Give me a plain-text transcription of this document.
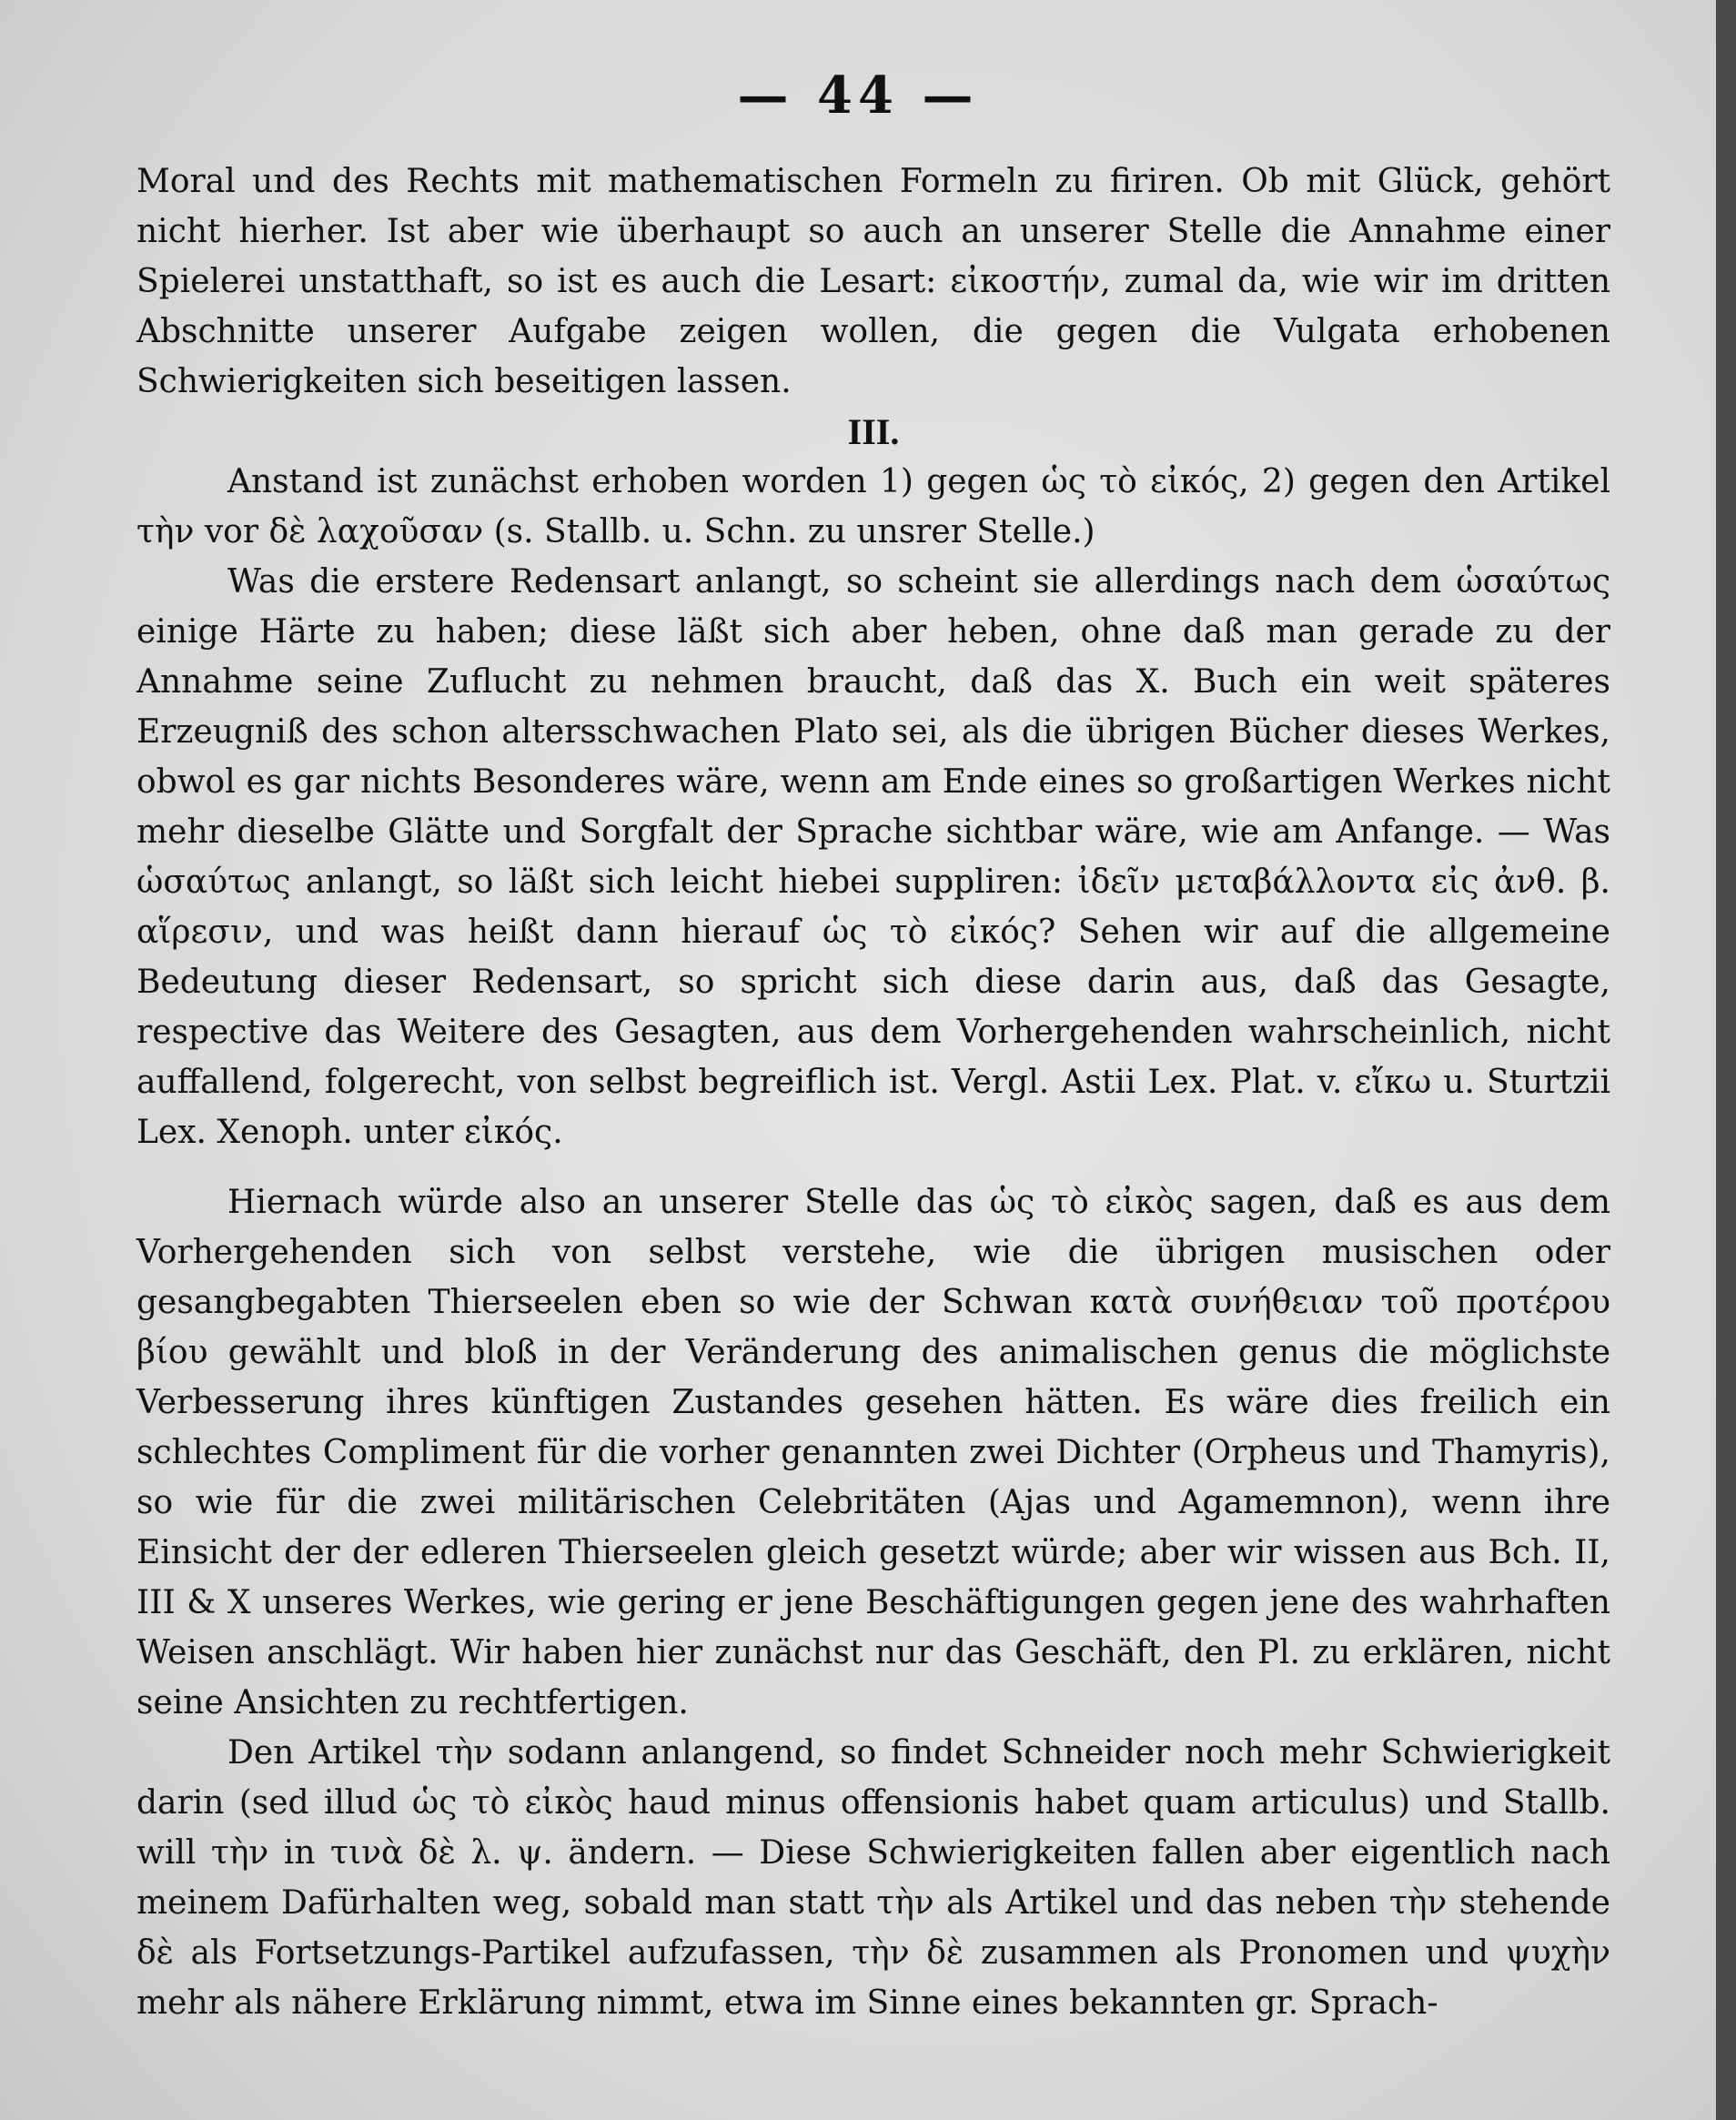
— 44 —

Moral und des Rechts mit mathematischen Formeln zu firiren. Ob mit Glück, gehört nicht hierher. Ist aber wie überhaupt so auch an unserer Stelle die Annahme einer Spielerei unstatthaft, so ist es auch die Lesart: εἰκοστήν, zumal da, wie wir im dritten Abschnitte unserer Aufgabe zeigen wollen, die gegen die Vulgata erhobenen Schwierigkeiten sich beseitigen lassen.

III.

Anstand ist zunächst erhoben worden 1) gegen ὡς τὸ εἰκός, 2) gegen den Artikel τὴν vor δὲ λαχοῦσαν (s. Stallb. u. Schn. zu unsrer Stelle.)

Was die erstere Redensart anlangt, so scheint sie allerdings nach dem ὡσαύτως einige Härte zu haben; diese läßt sich aber heben, ohne daß man gerade zu der Annahme seine Zuflucht zu nehmen braucht, daß das X. Buch ein weit späteres Erzeugniß des schon altersschwachen Plato sei, als die übrigen Bücher dieses Werkes, obwol es gar nichts Besonderes wäre, wenn am Ende eines so großartigen Werkes nicht mehr dieselbe Glätte und Sorgfalt der Sprache sichtbar wäre, wie am Anfange. — Was ὡσαύτως anlangt, so läßt sich leicht hiebei suppliren: ἰδεῖν μεταβάλλοντα εἰς ἀνθ. β. αἵρεσιν, und was heißt dann hierauf ὡς τὸ εἰκός? Sehen wir auf die allgemeine Bedeutung dieser Redensart, so spricht sich diese darin aus, daß das Gesagte, respective das Weitere des Gesagten, aus dem Vorhergehenden wahrscheinlich, nicht auffallend, folgerecht, von selbst begreiflich ist. Vergl. Astii Lex. Plat. v. εἴκω u. Sturtzii Lex. Xenoph. unter εἰκός.

Hiernach würde also an unserer Stelle das ὡς τὸ εἰκὸς sagen, daß es aus dem Vorhergehenden sich von selbst verstehe, wie die übrigen musischen oder gesangbegabten Thierseelen eben so wie der Schwan κατὰ συνήθειαν τοῦ προτέρου βίου gewählt und bloß in der Veränderung des animalischen genus die möglichste Verbesserung ihres künftigen Zustandes gesehen hätten. Es wäre dies freilich ein schlechtes Compliment für die vorher genannten zwei Dichter (Orpheus und Thamyris), so wie für die zwei militärischen Celebritäten (Ajas und Agamemnon), wenn ihre Einsicht der der edleren Thierseelen gleich gesetzt würde; aber wir wissen aus Bch. II, III & X unseres Werkes, wie gering er jene Beschäftigungen gegen jene des wahrhaften Weisen anschlägt. Wir haben hier zunächst nur das Geschäft, den Pl. zu erklären, nicht seine Ansichten zu rechtfertigen.

Den Artikel τὴν sodann anlangend, so findet Schneider noch mehr Schwierigkeit darin (sed illud ὡς τὸ εἰκὸς haud minus offensionis habet quam articulus) und Stallb. will τὴν in τινὰ δὲ λ. ψ. ändern. — Diese Schwierigkeiten fallen aber eigentlich nach meinem Dafürhalten weg, sobald man statt τὴν als Artikel und das neben τὴν stehende δὲ als Fortsetzungs-Partikel aufzufassen, τὴν δὲ zusammen als Pronomen und ψυχὴν mehr als nähere Erklärung nimmt, etwa im Sinne eines bekannten gr. Sprach-
